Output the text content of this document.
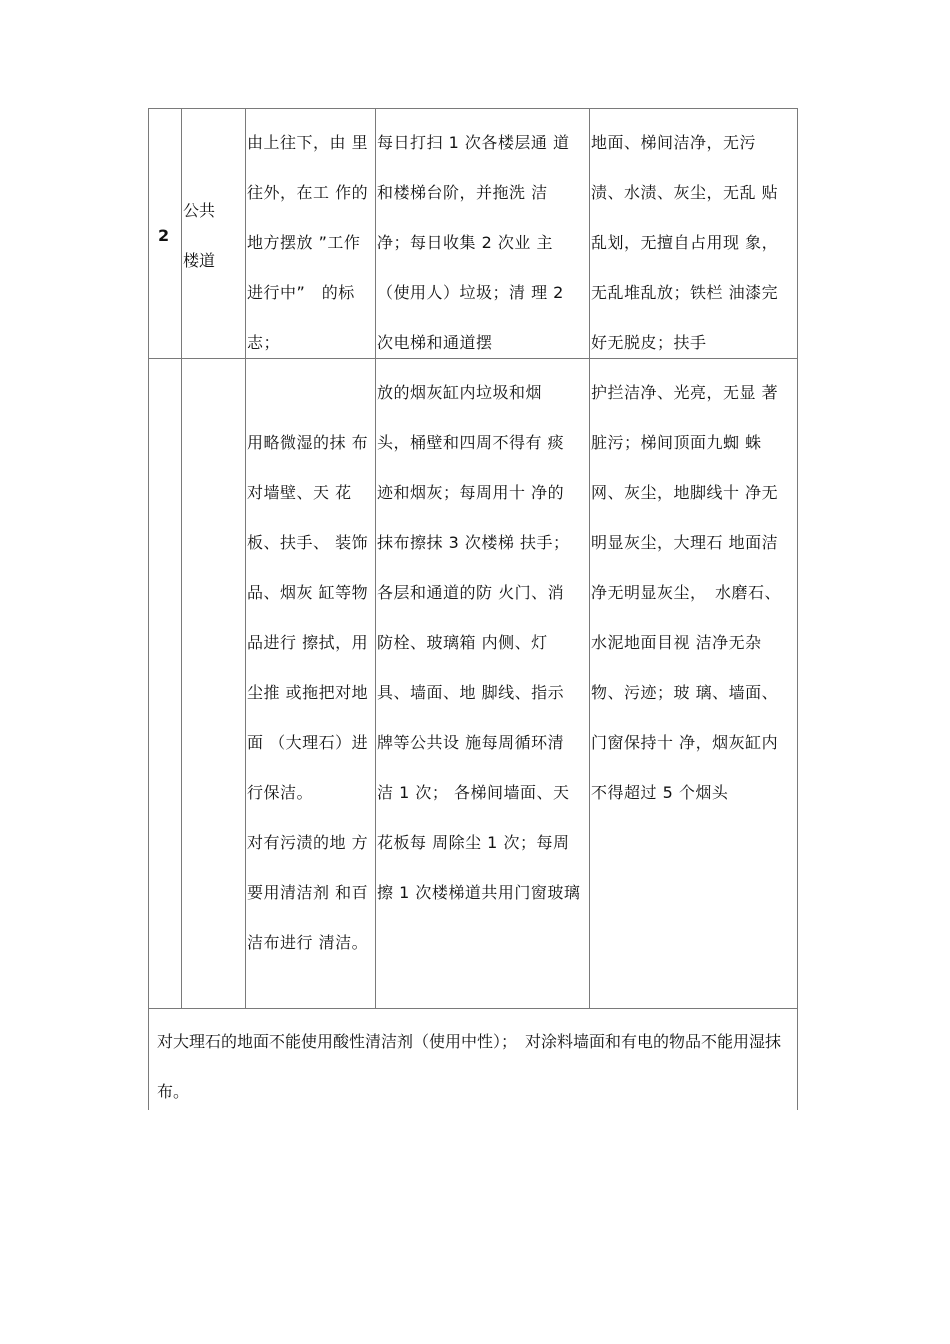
2
公共
楼道

由上往下，由 里

往外，在工 作的

地方摆放 ”工作

进行中”　的标

志；

每日打扫 1 次各楼层通 道

和楼梯台阶，并拖洗 洁

净；每日收集 2 次业 主

（使用人）垃圾；清 理 2

次电梯和通道摆

地面、梯间洁净，无污

渍、水渍、灰尘，无乱 贴

乱划，无擅自占用现 象，

无乱堆乱放；铁栏 油漆完

好无脱皮；扶手

用略微湿的抹 布

对墙壁、天 花

板、扶手、 装饰

品、烟灰 缸等物

品进行 擦拭，用

尘推 或拖把对地

面 （大理石）进

行保洁。

对有污渍的地 方

要用清洁剂 和百

洁布进行 清洁。

放的烟灰缸内垃圾和烟

头，桶壁和四周不得有 痰

迹和烟灰；每周用十 净的

抹布擦抹 3 次楼梯 扶手；

各层和通道的防 火门、消

防栓、玻璃箱 内侧、灯

具、墙面、地 脚线、指示

牌等公共设 施每周循环清

洁 1 次； 各梯间墙面、天

花板每 周除尘 1 次；每周

擦 1 次楼梯道共用门窗玻璃

护拦洁净、光亮，无显 著

脏污；梯间顶面九蜘 蛛

网、灰尘，地脚线十 净无

明显灰尘，大理石 地面洁

净无明显灰尘，　水磨石、

水泥地面目视 洁净无杂

物、污迹；玻 璃、墙面、

门窗保持十 净，烟灰缸内

不得超过 5 个烟头

对大理石的地面不能使用酸性清洁剂（使用中性）；　对涂料墙面和有电的物品不能用湿抹布。
